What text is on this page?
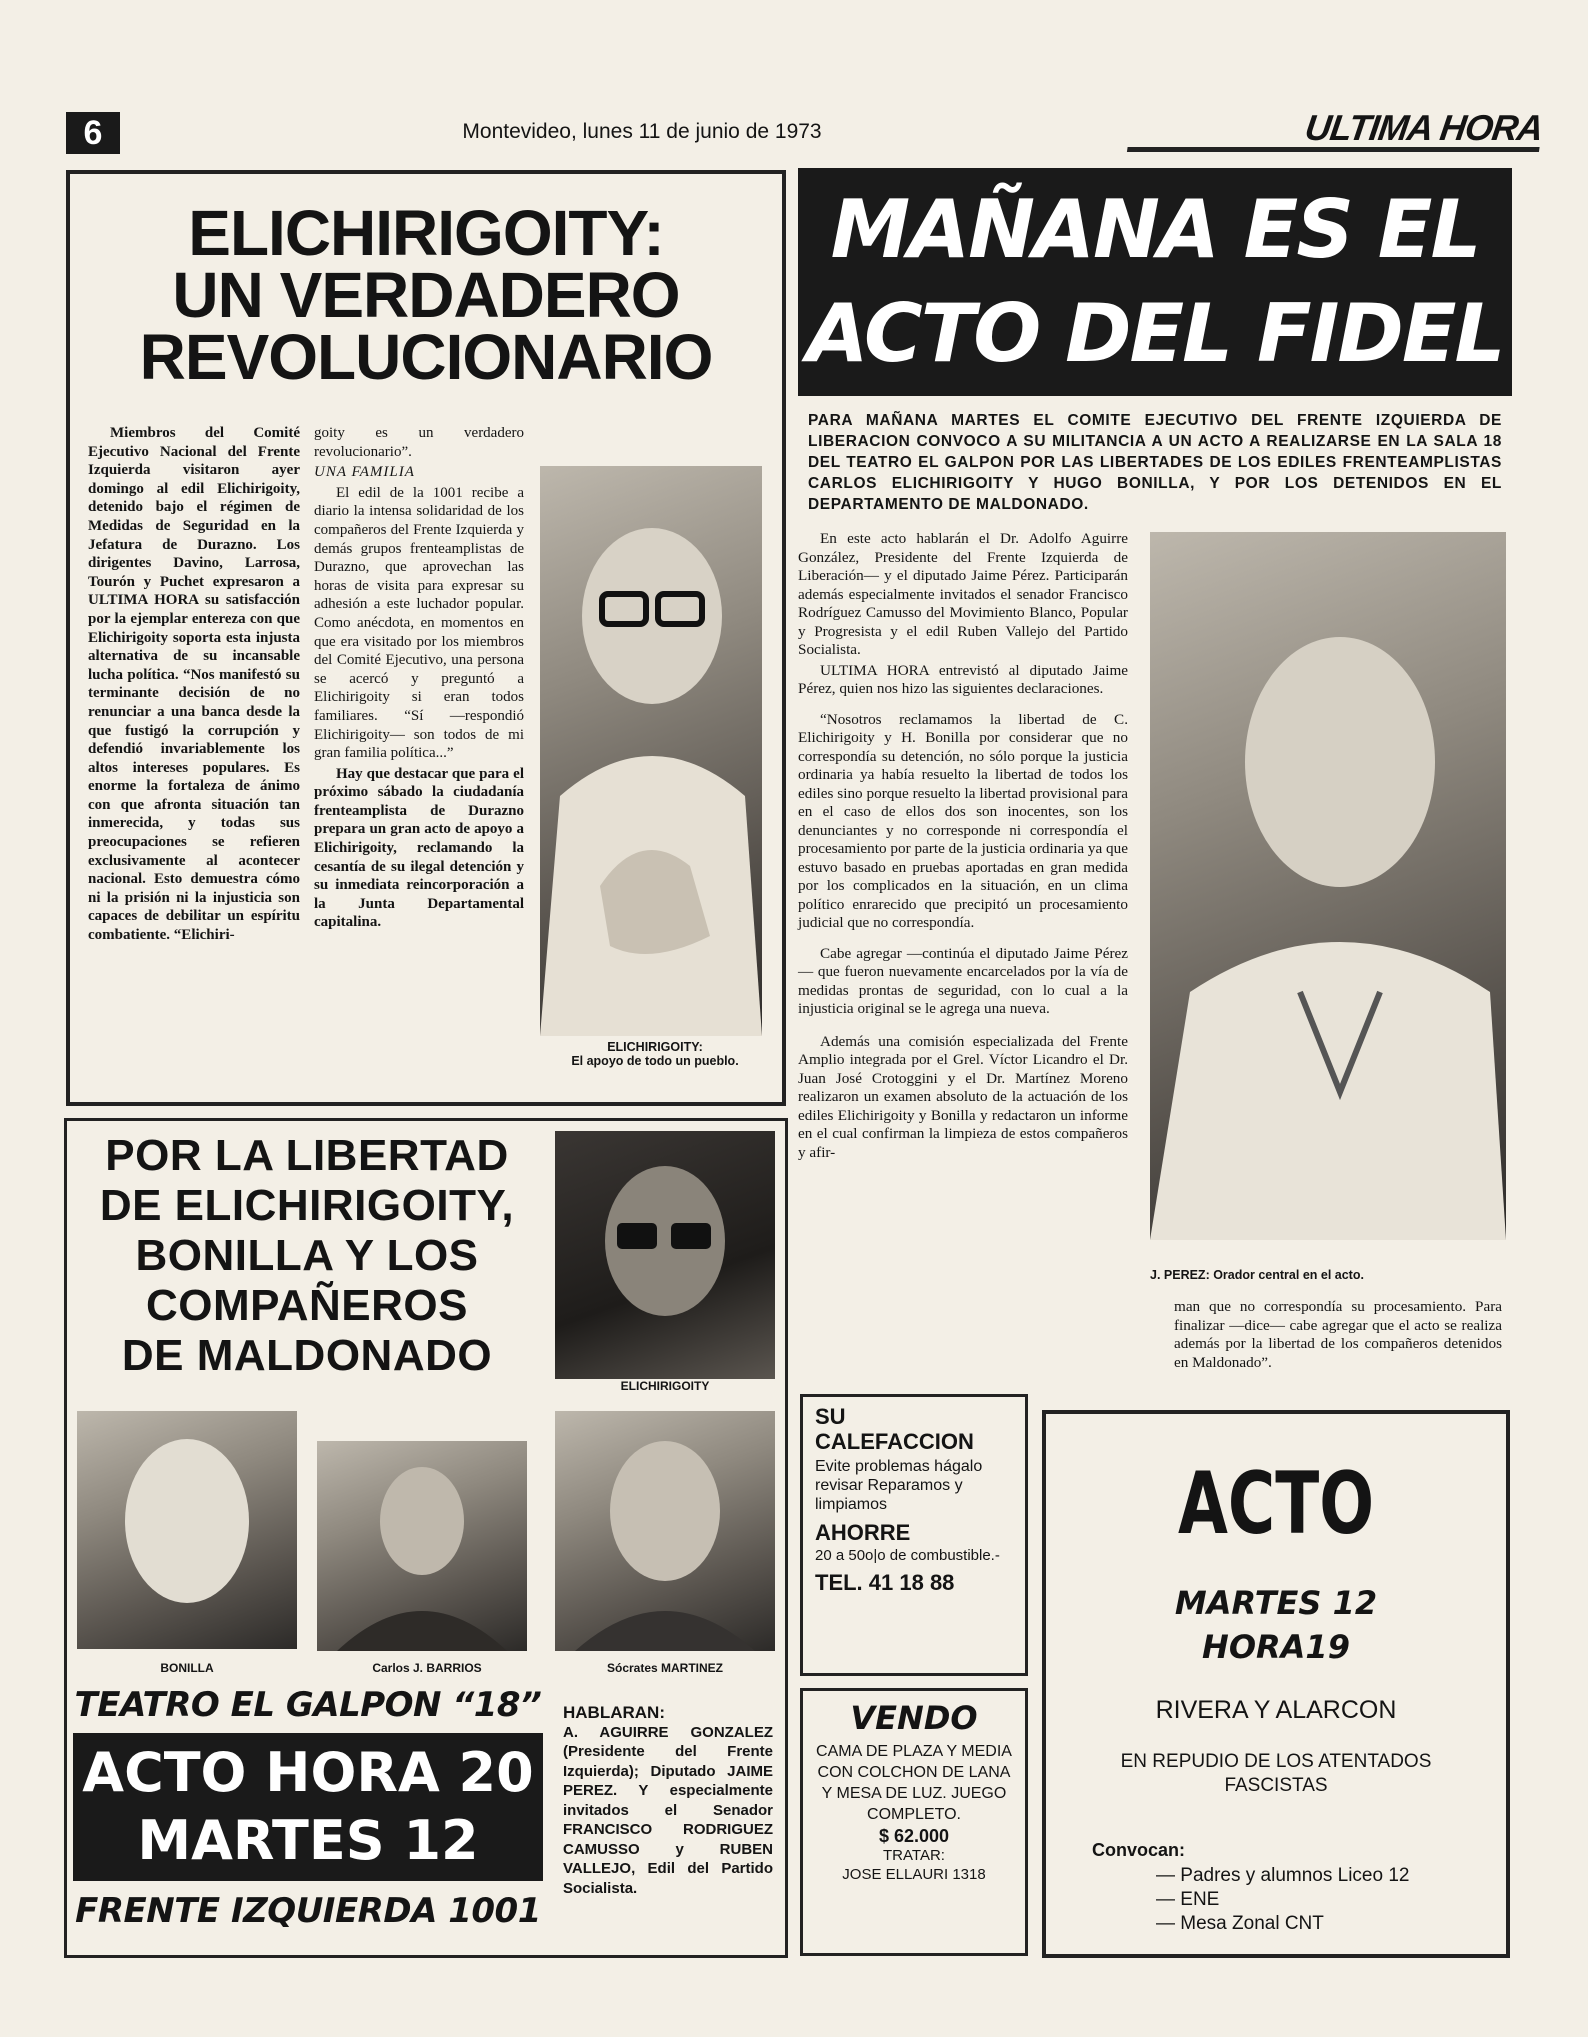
6	Montevideo, lunes 11 de junio de 1973	ULTIMA HORA
ELICHIRIGOITY:
UN VERDADERO
REVOLUCIONARIO

Miembros del Comité Ejecutivo Nacional del Frente Izquierda visitaron ayer domingo al edil Elichirigoity, detenido bajo el régimen de Medidas de Seguridad en la Jefatura de Durazno. Los dirigentes Davino, Larrosa, Tourón y Puchet expresaron a ULTIMA HORA su satisfacción por la ejemplar entereza con que Elichirigoity soporta esta injusta alternativa de su incansable lucha política. “Nos manifestó su terminante decisión de no renunciar a una banca desde la que fustigó la corrupción y defendió invariablemente los altos intereses populares. Es enorme la fortaleza de ánimo con que afronta situación tan inmerecida, y todas sus preocupaciones se refieren exclusivamente al acontecer nacional. Esto demuestra cómo ni la prisión ni la injusticia son capaces de debilitar un espíritu combatiente. “Elichiri-

goity es un verdadero revolucionario”.

UNA FAMILIA

El edil de la 1001 recibe a diario la intensa solidaridad de los compañeros del Frente Izquierda y demás grupos frenteamplistas de Durazno, que aprovechan las horas de visita para expresar su adhesión a este luchador popular. Como anécdota, en momentos en que era visitado por los miembros del Comité Ejecutivo, una persona se acercó y preguntó a Elichirigoity si eran todos familiares. “Sí —respondió Elichirigoity— son todos de mi gran familia política...”

Hay que destacar que para el próximo sábado la ciudadanía frenteamplista de Durazno prepara un gran acto de apoyo a Elichirigoity, reclamando la cesantía de su ilegal detención y su inmediata reincorporación a la Junta Departamental capitalina.

ELICHIRIGOITY:
El apoyo de todo un pueblo.
MAÑANA ES EL
ACTO DEL FIDEL
PARA MAÑANA MARTES EL COMITE EJECUTIVO DEL FRENTE IZQUIERDA DE LIBERACION CONVOCO A SU MILITANCIA A UN ACTO A REALIZARSE EN LA SALA 18 DEL TEATRO EL GALPON POR LAS LIBERTADES DE LOS EDILES FRENTEAMPLISTAS CARLOS ELICHIRIGOITY Y HUGO BONILLA, Y POR LOS DETENIDOS EN EL DEPARTAMENTO DE MALDONADO.

En este acto hablarán el Dr. Adolfo Aguirre González, Presidente del Frente Izquierda de Liberación— y el diputado Jaime Pérez. Participarán además especialmente invitados el senador Francisco Rodríguez Camusso del Movimiento Blanco, Popular y Progresista y el edil Ruben Vallejo del Partido Socialista.

ULTIMA HORA entrevistó al diputado Jaime Pérez, quien nos hizo las siguientes declaraciones.

“Nosotros reclamamos la libertad de C. Elichirigoity y H. Bonilla por considerar que no correspondía su detención, no sólo porque la justicia ordinaria ya había resuelto la libertad de todos los ediles sino porque resuelto la libertad provisional para en el caso de ellos dos son inocentes, son los denunciantes y no corresponde ni correspondía el procesamiento por parte de la justicia ordinaria ya que estuvo basado en pruebas aportadas en gran medida por los complicados en la situación, en un clima político enrarecido que precipitó un procesamiento judicial que no correspondía.

Cabe agregar —continúa el diputado Jaime Pérez— que fueron nuevamente encarcelados por la vía de medidas prontas de seguridad, con lo cual a la injusticia original se le agrega una nueva.

Además una comisión especializada del Frente Amplio integrada por el Grel. Víctor Licandro el Dr. Juan José Crotoggini y el Dr. Martínez Moreno realizaron un examen absoluto de la actuación de los ediles Elichirigoity y Bonilla y redactaron un informe en el cual confirman la limpieza de estos compañeros y afir-

J. PEREZ: Orador central en el acto.

man que no correspondía su procesamiento. Para finalizar —dice— cabe agregar que el acto se realiza además por la libertad de los compañeros detenidos en Maldonado”.

POR LA LIBERTAD
DE ELICHIRIGOITY,
BONILLA Y LOS
COMPAÑEROS
DE MALDONADO
ELICHIRIGOITY
BONILLA	Carlos J. BARRIOS	Sócrates MARTINEZ
TEATRO EL GALPON “18”
ACTO HORA 20
MARTES 12
FRENTE IZQUIERDA 1001
HABLARAN:
A. AGUIRRE GONZALEZ (Presidente del Frente Izquierda); Diputado JAIME PEREZ. Y especialmente invitados el Senador FRANCISCO RODRIGUEZ CAMUSSO y RUBEN VALLEJO, Edil del Partido Socialista.
SU
CALEFACCION
Evite problemas hágalo revisar Reparamos y limpiamos
AHORRE
20 a 50o|o de combustible.-
TEL. 41 18 88
VENDO
CAMA DE PLAZA Y MEDIA CON COLCHON DE LANA Y MESA DE LUZ. JUEGO COMPLETO.
$ 62.000
TRATAR:
JOSE ELLAURI 1318
ACTO
MARTES 12
HORA19
RIVERA Y ALARCON
EN REPUDIO DE LOS ATENTADOS FASCISTAS
Convocan:
— Padres y alumnos Liceo 12
— ENE
— Mesa Zonal CNT
